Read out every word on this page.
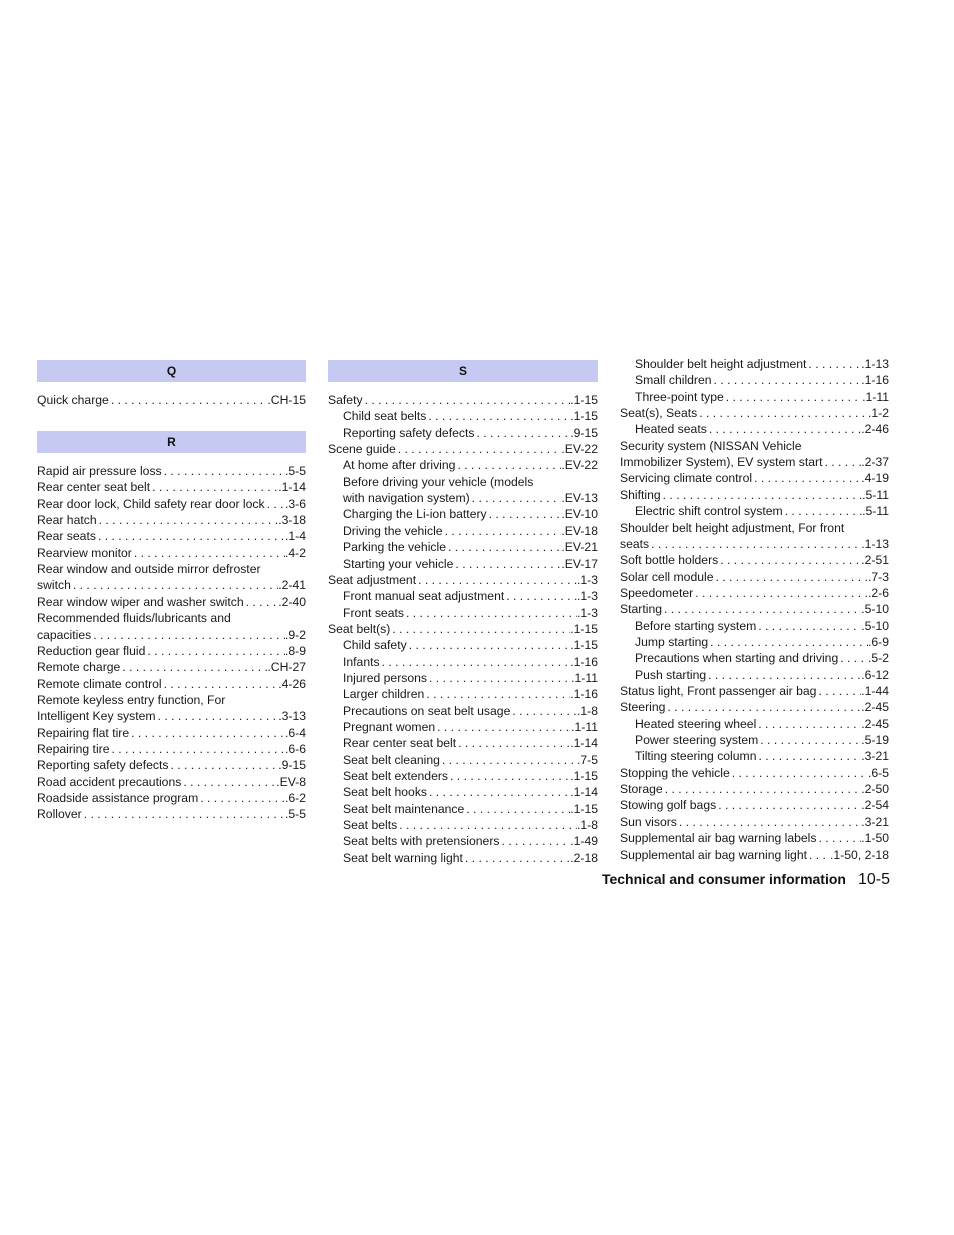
Q
Quick charge . . .	.CH-15
R
Rapid air pressure loss . . .	.5-5
Rear center seat belt . . .	.1-14
Rear door lock, Child safety rear door lock . . . .3-6
Rear hatch . . .	.3-18
Rear seats . . .	.1-4
Rearview monitor . . .	.4-2
Rear window and outside mirror defroster
switch . . .	.2-41
Rear window wiper and washer switch . . .	.2-40
Recommended fluids/lubricants and
capacities . . .	.9-2
Reduction gear fluid . . .	.8-9
Remote charge . . .	.CH-27
Remote climate control . . .	.4-26
Remote keyless entry function, For
Intelligent Key system . . .	.3-13
Repairing flat tire . . .	.6-4
Repairing tire . . .	.6-6
Reporting safety defects . . .	.9-15
Road accident precautions . . .	.EV-8
Roadside assistance program . . .	.6-2
Rollover . . .	.5-5
S
Safety . . .	.1-15
Child seat belts . . .	.1-15
Reporting safety defects . . .	.9-15
Scene guide . . .	.EV-22
At home after driving . . .	.EV-22
Before driving your vehicle (models
with navigation system) . . .	.EV-13
Charging the Li-ion battery . . .	.EV-10
Driving the vehicle . . .	.EV-18
Parking the vehicle . . .	.EV-21
Starting your vehicle . . .	.EV-17
Seat adjustment . . .	.1-3
Front manual seat adjustment . . .	.1-3
Front seats . . .	.1-3
Seat belt(s) . . .	.1-15
Child safety . . .	.1-15
Infants . . .	.1-16
Injured persons . . .	.1-11
Larger children . . .	.1-16
Precautions on seat belt usage . . .	.1-8
Pregnant women . . .	.1-11
Rear center seat belt . . .	.1-14
Seat belt cleaning . . .	.7-5
Seat belt extenders . . .	.1-15
Seat belt hooks . . .	.1-14
Seat belt maintenance . . .	.1-15
Seat belts . . .	.1-8
Seat belts with pretensioners . . .	.1-49
Seat belt warning light . . .	.2-18
Shoulder belt height adjustment . . .	.1-13
Small children . . .	.1-16
Three-point type . . .	.1-11
Seat(s), Seats . . .	.1-2
Heated seats . . .	.2-46
Security system (NISSAN Vehicle
Immobilizer System), EV system start . . .	.2-37
Servicing climate control . . .	.4-19
Shifting . . .	.5-11
Electric shift control system . . .	.5-11
Shoulder belt height adjustment, For front
seats . . .	.1-13
Soft bottle holders . . .	.2-51
Solar cell module . . .	.7-3
Speedometer . . .	.2-6
Starting . . .	.5-10
Before starting system . . .	.5-10
Jump starting . . .	.6-9
Precautions when starting and driving . . . .5-2
Push starting . . .	.6-12
Status light, Front passenger air bag . . .	.1-44
Steering . . .	.2-45
Heated steering wheel . . .	.2-45
Power steering system . . .	.5-19
Tilting steering column . . .	.3-21
Stopping the vehicle . . .	.6-5
Storage . . .	.2-50
Stowing golf bags . . .	.2-54
Sun visors . . .	.3-21
Supplemental air bag warning labels . . .	.1-50
Supplemental air bag warning light . . . .1-50, 2-18
Technical and consumer information 10-5
